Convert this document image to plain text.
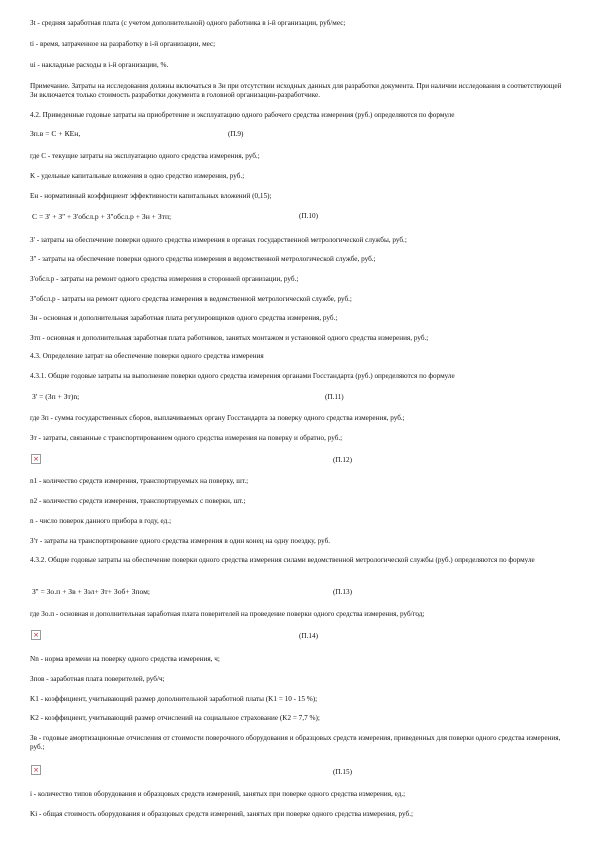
Зt - средняя заработная плата (с учетом дополнительной) одного работника в i-й организации, руб/мес;
ti - время, затраченное на разработку в i-й организации, мес;
ui - накладные расходы в i-й организации, %.
Примечание. Затраты на исследования должны включаться в Зи при отсутствии исходных данных для разработки документа. При наличии исследования в соответствующей Зи включается только стоимость разработки документа в головной организации-разработчике.
4.2. Приведенные годовые затраты на приобретение и эксплуатацию одного рабочего средства измерения (руб.) определяются по формуле
Зп.в = С + КЕн,	(П.9)
где С - текущие затраты на эксплуатацию одного средства измерения, руб.;
K - удельные капитальные вложения в одно средство измерения, руб.;
Ен - нормативный коэффициент эффективности капитальных вложений (0,15);
С = З' + З'' + З'обсл.р + З''обсл.р + Зн + Зтп;	(П.10)
З' - затраты на обеспечение поверки одного средства измерения в органах государственной метрологической службы, руб.;
З'' - затраты на обеспечение поверки одного средства измерения в ведомственной метрологической службе, руб.;
З'обсл.р - затраты на ремонт одного средства измерения в сторонней организации, руб.;
З''обсл.р - затраты на ремонт одного средства измерения в ведомственной метрологической службе, руб.;
Зн - основная и дополнительная заработная плата регулировщиков одного средства измерения, руб.;
Зтп - основная и дополнительная заработная плата работников, занятых монтажом и установкой одного средства измерения, руб.;
4.3. Определение затрат на обеспечение поверки одного средства измерения
4.3.1. Общие годовые затраты на выполнение поверки одного средства измерения органами Госстандарта (руб.) определяются по формуле
З' = (Зп + Зт)n;	(П.11)
где Зп - сумма государственных сборов, выплачиваемых органу Госстандарта за поверку одного средства измерения, руб.;
Зт - затраты, связанные с транспортированием одного средства измерения на поверку и обратно, руб.;
×	(П.12)
n1 - количество средств измерения, транспортируемых на поверку, шт.;
n2 - количество средств измерения, транспортируемых с поверки, шт.;
n - число поверок данного прибора в году, ед.;
З'т - затраты на транспортирование одного средства измерения в один конец на одну поездку, руб.
4.3.2. Общие годовые затраты на обеспечение поверки одного средства измерения силами ведомственной метрологической службы (руб.) определяются по формуле
З'' = Зо.п + Зв + Зэл+ Зт+ Зоб+ Зпом;	(П.13)
где Зо.п - основная и дополнительная заработная плата поверителей на проведение поверки одного средства измерения, руб/год;
×	(П.14)
Nn - норма времени на поверку одного средства измерения, ч;
Зпов - заработная плата поверителей, руб/ч;
K1 - коэффициент, учитывающий размер дополнительной заработной платы (K1 = 10 - 15 %);
K2 - коэффициент, учитывающий размер отчислений на социальное страхование (K2 = 7,7 %);
Зв - годовые амортизационные отчисления от стоимости поверочного оборудования и образцовых средств измерения, приведенных для поверки одного средства измерения, руб.;
×	(П.15)
i - количество типов оборудования и образцовых средств измерений, занятых при поверке одного средства измерения, ед.;
Ki - общая стоимость оборудования и образцовых средств измерений, занятых при поверке одного средства измерения, руб.;
